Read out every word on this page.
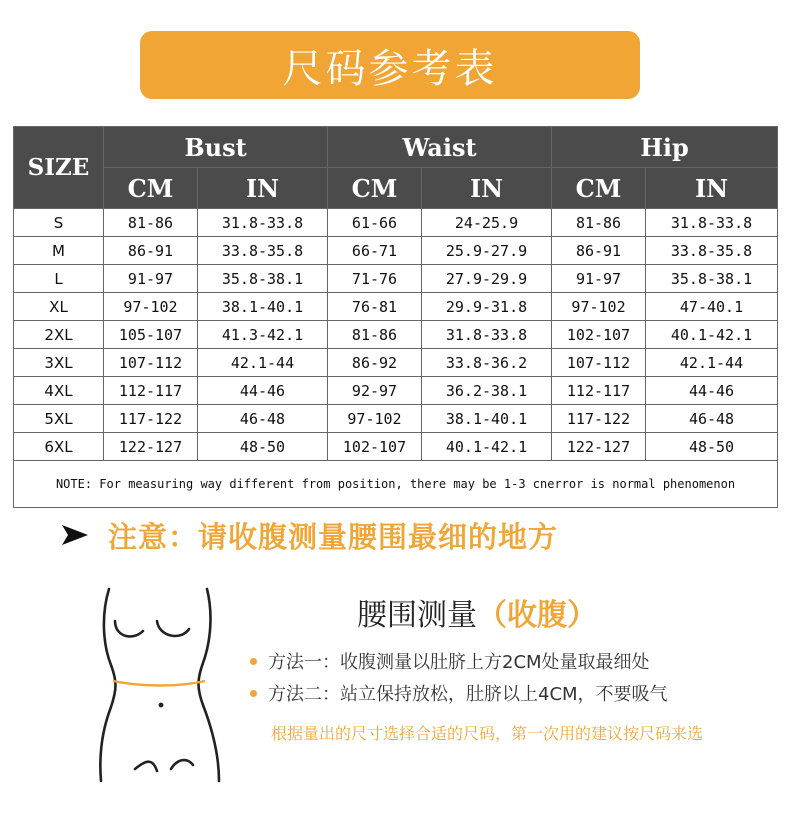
尺码参考表
SIZE	Bust		Waist		Hip	
	CM	IN	CM	IN	CM	IN
S	81-86	31.8-33.8	61-66	24-25.9	81-86	31.8-33.8
M	86-91	33.8-35.8	66-71	25.9-27.9	86-91	33.8-35.8
L	91-97	35.8-38.1	71-76	27.9-29.9	91-97	35.8-38.1
XL	97-102	38.1-40.1	76-81	29.9-31.8	97-102	47-40.1
2XL	105-107	41.3-42.1	81-86	31.8-33.8	102-107	40.1-42.1
3XL	107-112	42.1-44	86-92	33.8-36.2	107-112	42.1-44
4XL	112-117	44-46	92-97	36.2-38.1	112-117	44-46
5XL	117-122	46-48	97-102	38.1-40.1	117-122	46-48
6XL	122-127	48-50	102-107	40.1-42.1	122-127	48-50
NOTE: For measuring way different from position, there may be 1-3 cnerror is normal phenomenon						
注意：请收腹测量腰围最细的地方
腰围测量（收腹）
方法一：收腹测量以肚脐上方2CM处量取最细处
方法二：站立保持放松，肚脐以上4CM，不要吸气
根据量出的尺寸选择合适的尺码，第一次用的建议按尺码来选
